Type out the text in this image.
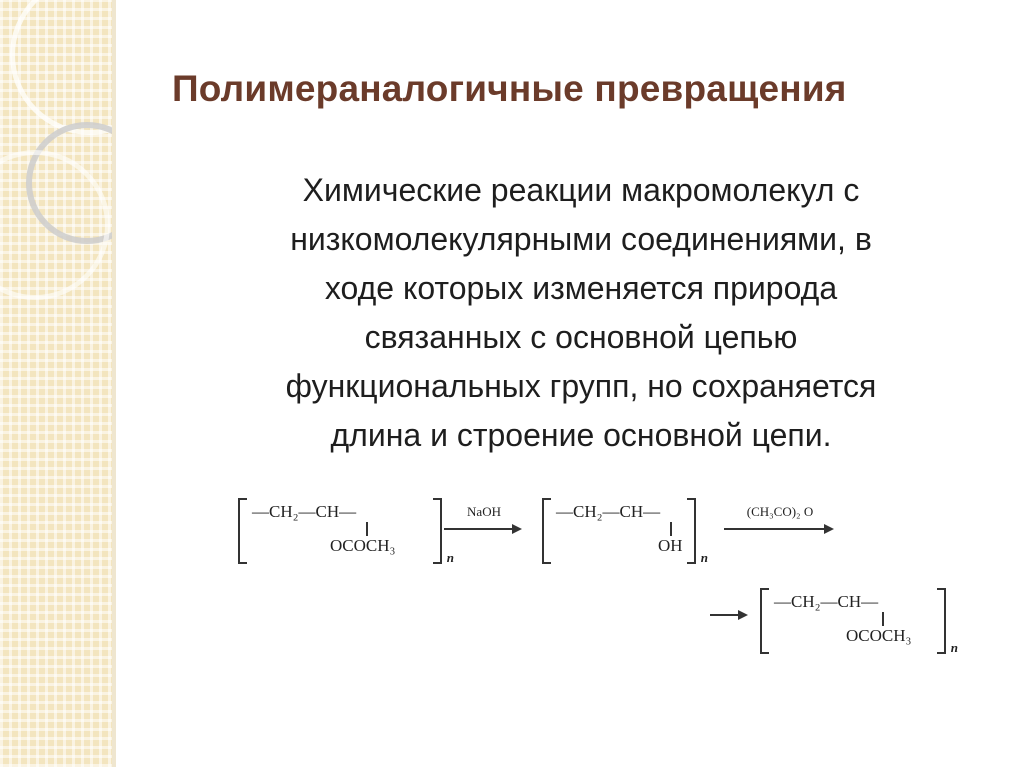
Полимераналогичные превращения
Химические реакции макромолекул с
низкомолекулярными соединениями, в
ходе которых изменяется природа
связанных с основной цепью
функциональных групп, но сохраняется
длина и строение основной цепи.
—CH₂—CH—
OCOCH₃
n
NaOH	—CH₂—CH—
OH
n
(CH₃CO)₂ O
—CH₂—CH—
OCOCH₃
n
